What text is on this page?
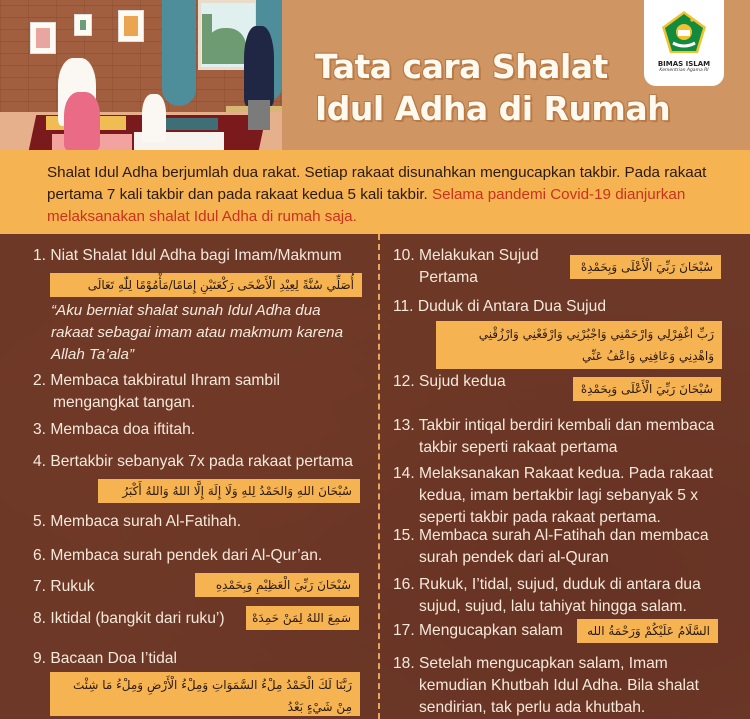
Tata cara Shalat
Idul Adha di Rumah
BIMAS ISLAM
Kementrian Agama RI
Shalat Idul Adha berjumlah dua rakat. Setiap rakaat disunahkan mengucapkan takbir. Pada rakaat pertama 7 kali takbir dan pada rakaat kedua 5 kali takbir. Selama pandemi Covid-19 dianjurkan melaksanakan shalat Idul Adha di rumah saja.
1. Niat Shalat Idul Adha bagi Imam/Makmum
أُصَلِّي سُنَّةً لِعِيْدِ الْأَضْحَى رَكْعَتَيْنِ إِمَامًا/مَأْمُوْمًا لِلّٰهِ تَعَالَى
“Aku berniat shalat sunah Idul Adha dua rakaat sebagai imam atau makmum karena Allah Ta’ala”
2. Membaca takbiratul Ihram sambil mengangkat tangan.
3. Membaca doa iftitah.
4. Bertakbir sebanyak 7x pada rakaat pertama
سُبْحَانَ اللهِ وَالحَمْدُ لِلهِ وَلَا إِلَهَ إِلَّا اللهُ وَاللهُ أَكْبَرُ
5. Membaca surah Al-Fatihah.
6. Membaca surah pendek dari Al-Qur’an.
7. Rukuk	سُبْحَانَ رَبِّيَ الْعَظِيْمِ وَبِحَمْدِهِ
8. Iktidal (bangkit dari ruku’)	سَمِعَ اللهُ لِمَنْ حَمِدَهْ
9. Bacaan Doa I’tidal
رَبَّنَا لَكَ الْحَمْدُ مِلْءُ السَّمَوَاتِ وَمِلْءُ الْأَرْضِ وَمِلْءُ مَا شِئْتَ مِنْ شَيْءٍ بَعْدُ
10. Melakukan Sujud Pertama
سُبْحَانَ رَبِّيَ الْأَعْلَى وَبِحَمْدِهْ
11. Duduk di Antara Dua Sujud
رَبِّ اغْفِرْلِي وَارْحَمْنِي وَاجْبُرْنِي وَارْفَعْنِي وَارْزُقْنِي وَاهْدِنِي وَعَافِنِي وَاعْفُ عَنِّي
12. Sujud kedua	سُبْحَانَ رَبِّيَ الْأَعْلَى وَبِحَمْدِهْ
13. Takbir intiqal berdiri kembali dan membaca takbir seperti rakaat pertama
14. Melaksanakan Rakaat kedua. Pada rakaat kedua, imam bertakbir lagi sebanyak 5 x seperti takbir pada rakaat pertama.
15. Membaca surah Al-Fatihah dan membaca surah pendek dari al-Quran
16. Rukuk, I’tidal, sujud, duduk di antara dua sujud, sujud, lalu tahiyat hingga salam.
17. Mengucapkan salam	السَّلَامُ عَلَيْكُمْ وَرَحْمَةُ الله
18. Setelah mengucapkan salam, Imam kemudian Khutbah Idul Adha. Bila shalat sendirian, tak perlu ada khutbah.
